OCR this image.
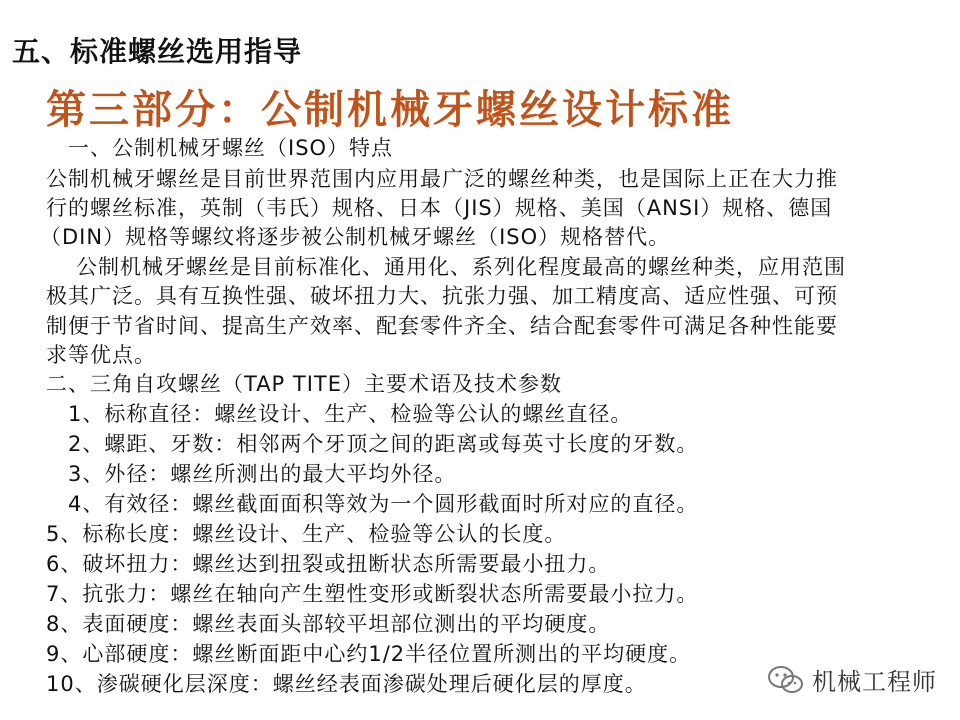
五、标准螺丝选用指导
第三部分：公制机械牙螺丝设计标准
一、公制机械牙螺丝（ISO）特点
公制机械牙螺丝是目前世界范围内应用最广泛的螺丝种类，也是国际上正在大力推
行的螺丝标准，英制（韦氏）规格、日本（JIS）规格、美国（ANSI）规格、德国
（DIN）规格等螺纹将逐步被公制机械牙螺丝（ISO）规格替代。
公制机械牙螺丝是目前标准化、通用化、系列化程度最高的螺丝种类，应用范围
极其广泛。具有互换性强、破坏扭力大、抗张力强、加工精度高、适应性强、可预
制便于节省时间、提高生产效率、配套零件齐全、结合配套零件可满足各种性能要
求等优点。
二、三角自攻螺丝（TAP TITE）主要术语及技术参数
1、标称直径：螺丝设计、生产、检验等公认的螺丝直径。
2、螺距、牙数：相邻两个牙顶之间的距离或每英寸长度的牙数。
3、外径：螺丝所测出的最大平均外径。
4、有效径：螺丝截面面积等效为一个圆形截面时所对应的直径。
5、标称长度：螺丝设计、生产、检验等公认的长度。
6、破坏扭力：螺丝达到扭裂或扭断状态所需要最小扭力。
7、抗张力：螺丝在轴向产生塑性变形或断裂状态所需要最小拉力。
8、表面硬度：螺丝表面头部较平坦部位测出的平均硬度。
9、心部硬度：螺丝断面距中心约1/2半径位置所测出的平均硬度。
10、渗碳硬化层深度：螺丝经表面渗碳处理后硬化层的厚度。	机械工程师
